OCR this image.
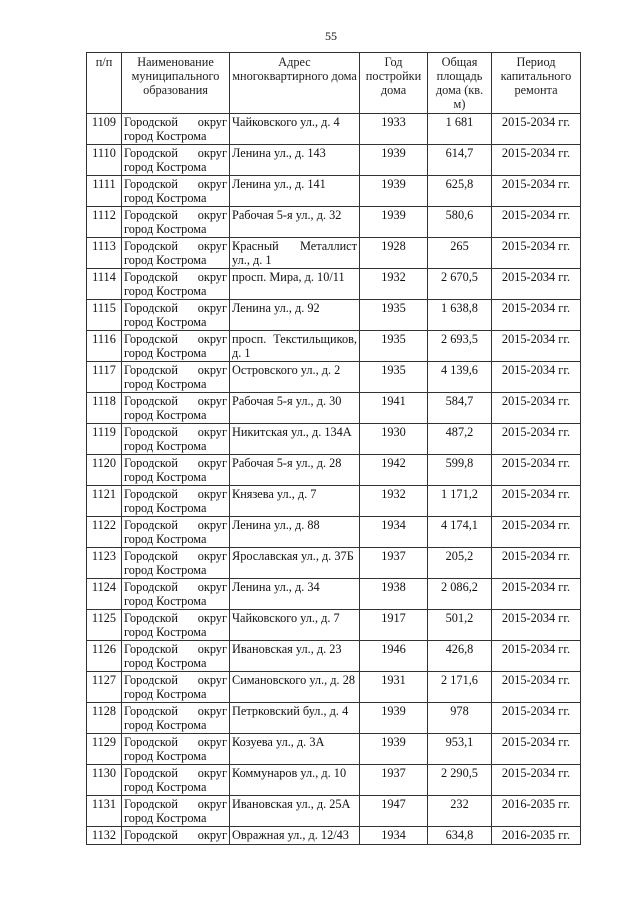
55
п/п	Наименование муниципального образования	Адрес многоквартирного дома	Год постройки дома	Общая площадь дома (кв. м)	Период капитального ремонта
1109	Городской округ город Кострома	Чайковского ул., д. 4	1933	1 681	2015-2034 гг.
1110	Городской округ город Кострома	Ленина ул., д. 143	1939	614,7	2015-2034 гг.
1111	Городской округ город Кострома	Ленина ул., д. 141	1939	625,8	2015-2034 гг.
1112	Городской округ город Кострома	Рабочая 5-я ул., д. 32	1939	580,6	2015-2034 гг.
1113	Городской округ город Кострома	Красный Металлист ул., д. 1	1928	265	2015-2034 гг.
1114	Городской округ город Кострома	просп. Мира, д. 10/11	1932	2 670,5	2015-2034 гг.
1115	Городской округ город Кострома	Ленина ул., д. 92	1935	1 638,8	2015-2034 гг.
1116	Городской округ город Кострома	просп. Текстильщиков, д. 1	1935	2 693,5	2015-2034 гг.
1117	Городской округ город Кострома	Островского ул., д. 2	1935	4 139,6	2015-2034 гг.
1118	Городской округ город Кострома	Рабочая 5-я ул., д. 30	1941	584,7	2015-2034 гг.
1119	Городской округ город Кострома	Никитская ул., д. 134А	1930	487,2	2015-2034 гг.
1120	Городской округ город Кострома	Рабочая 5-я ул., д. 28	1942	599,8	2015-2034 гг.
1121	Городской округ город Кострома	Князева ул., д. 7	1932	1 171,2	2015-2034 гг.
1122	Городской округ город Кострома	Ленина ул., д. 88	1934	4 174,1	2015-2034 гг.
1123	Городской округ город Кострома	Ярославская ул., д. 37Б	1937	205,2	2015-2034 гг.
1124	Городской округ город Кострома	Ленина ул., д. 34	1938	2 086,2	2015-2034 гг.
1125	Городской округ город Кострома	Чайковского ул., д. 7	1917	501,2	2015-2034 гг.
1126	Городской округ город Кострома	Ивановская ул., д. 23	1946	426,8	2015-2034 гг.
1127	Городской округ город Кострома	Симановского ул., д. 28	1931	2 171,6	2015-2034 гг.
1128	Городской округ город Кострома	Петрковский бул., д. 4	1939	978	2015-2034 гг.
1129	Городской округ город Кострома	Козуева ул., д. 3А	1939	953,1	2015-2034 гг.
1130	Городской округ город Кострома	Коммунаров ул., д. 10	1937	2 290,5	2015-2034 гг.
1131	Городской округ город Кострома	Ивановская ул., д. 25А	1947	232	2016-2035 гг.
1132	Городской округ	Овражная ул., д. 12/43	1934	634,8	2016-2035 гг.
